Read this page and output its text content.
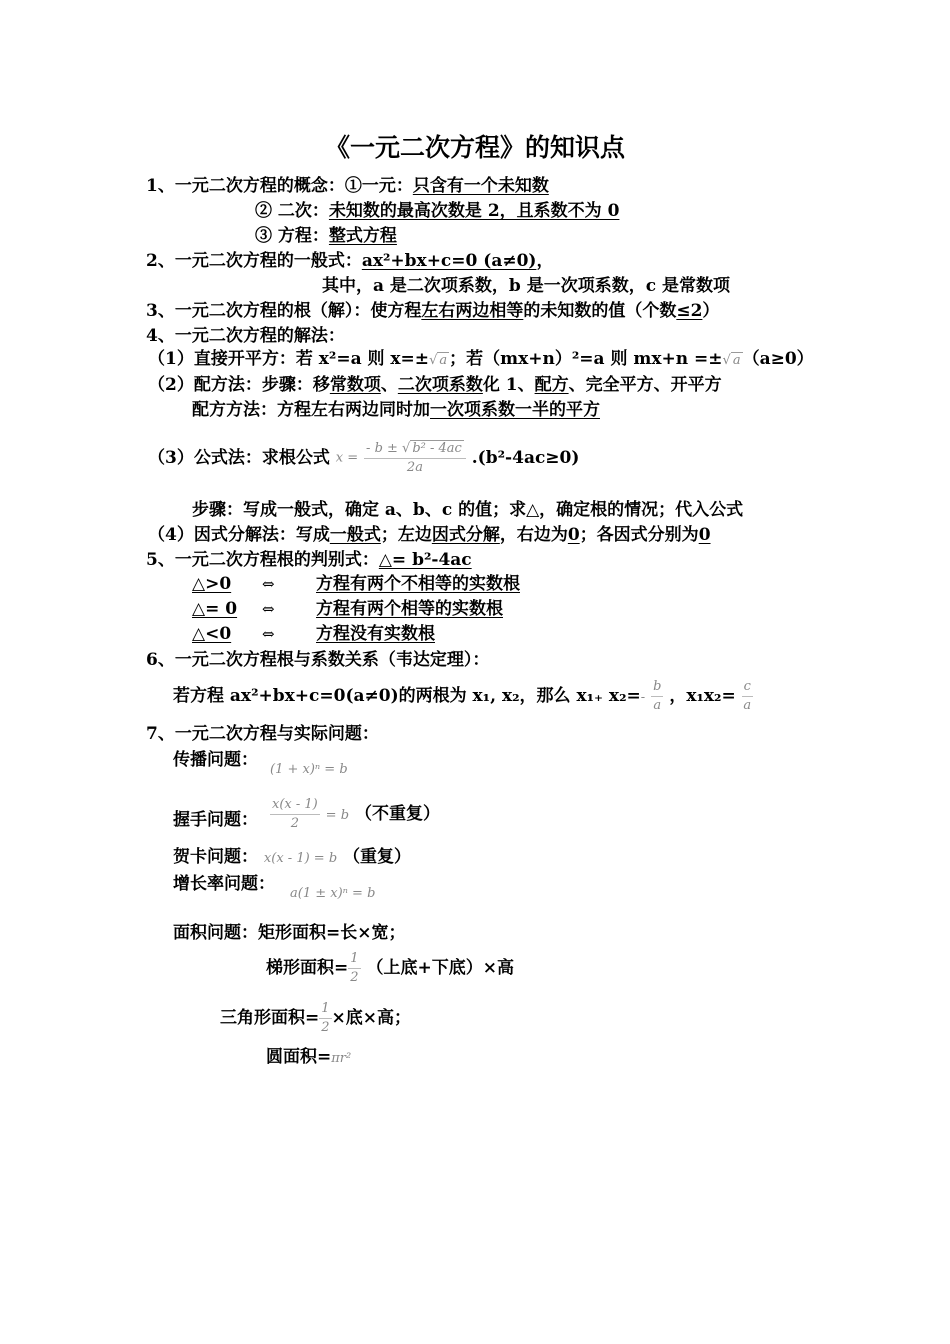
《一元二次方程》的知识点
1、一元二次方程的概念：①一元：只含有一个未知数
② 二次：未知数的最高次数是 2，且系数不为 0
③ 方程：整式方程
2、一元二次方程的一般式：ax²+bx+c=0 (a≠0)，
其中，a 是二次项系数，b 是一次项系数，c 是常数项
3、一元二次方程的根（解）：使方程左右两边相等的未知数的值（个数≤2）
4、一元二次方程的解法：
（1）直接开平方：若 x²=a 则 x=±√ a ；若（mx+n）²=a 则 mx+n =±√ a （a≥0）
（2）配方法：步骤：移常数项、二次项系数化 1、配方、完全平方、开平方
配方方法：方程左右两边同时加一次项系数一半的平方
（3）公式法：求根公式 $x = \frac{\text{- b ± √ b² - 4ac}}{2a} .(b^2-4ac\ge 0)$
步骤：写成一般式，确定 a、b、c 的值；求△，确定根的情况；代入公式
（4）因式分解法：写成一般式；左边因式分解，右边为0；各因式分别为0
5、一元二次方程根的判别式：△= b²-4ac
△>0 ⇔ 方程有两个不相等的实数根
△= 0 ⇔ 方程有两个相等的实数根
△<0 ⇔ 方程没有实数根
6、一元二次方程根与系数关系（韦达定理）：
若方程 ax²+bx+c=0(a≠0)的两根为 x₁, x₂，那么 x₁₊ $x_2=- \frac{b}{a}$ ，$x_1x_2= \frac{c}{a}$
7、一元二次方程与实际问题：
传播问题： (1 + x)ⁿ = b
握手问题： $\frac{x(x - 1)}{2} = b$ （不重复）
贺卡问题： x(x - 1) = b （重复）
增长率问题： a(1 ± x)ⁿ = b
面积问题：矩形面积=长×宽；
梯形面积= $\frac{1}{2}$ （上底+下底）×高
三角形面积= $\frac{1}{2}$ ×底×高；
圆面积=πr²
